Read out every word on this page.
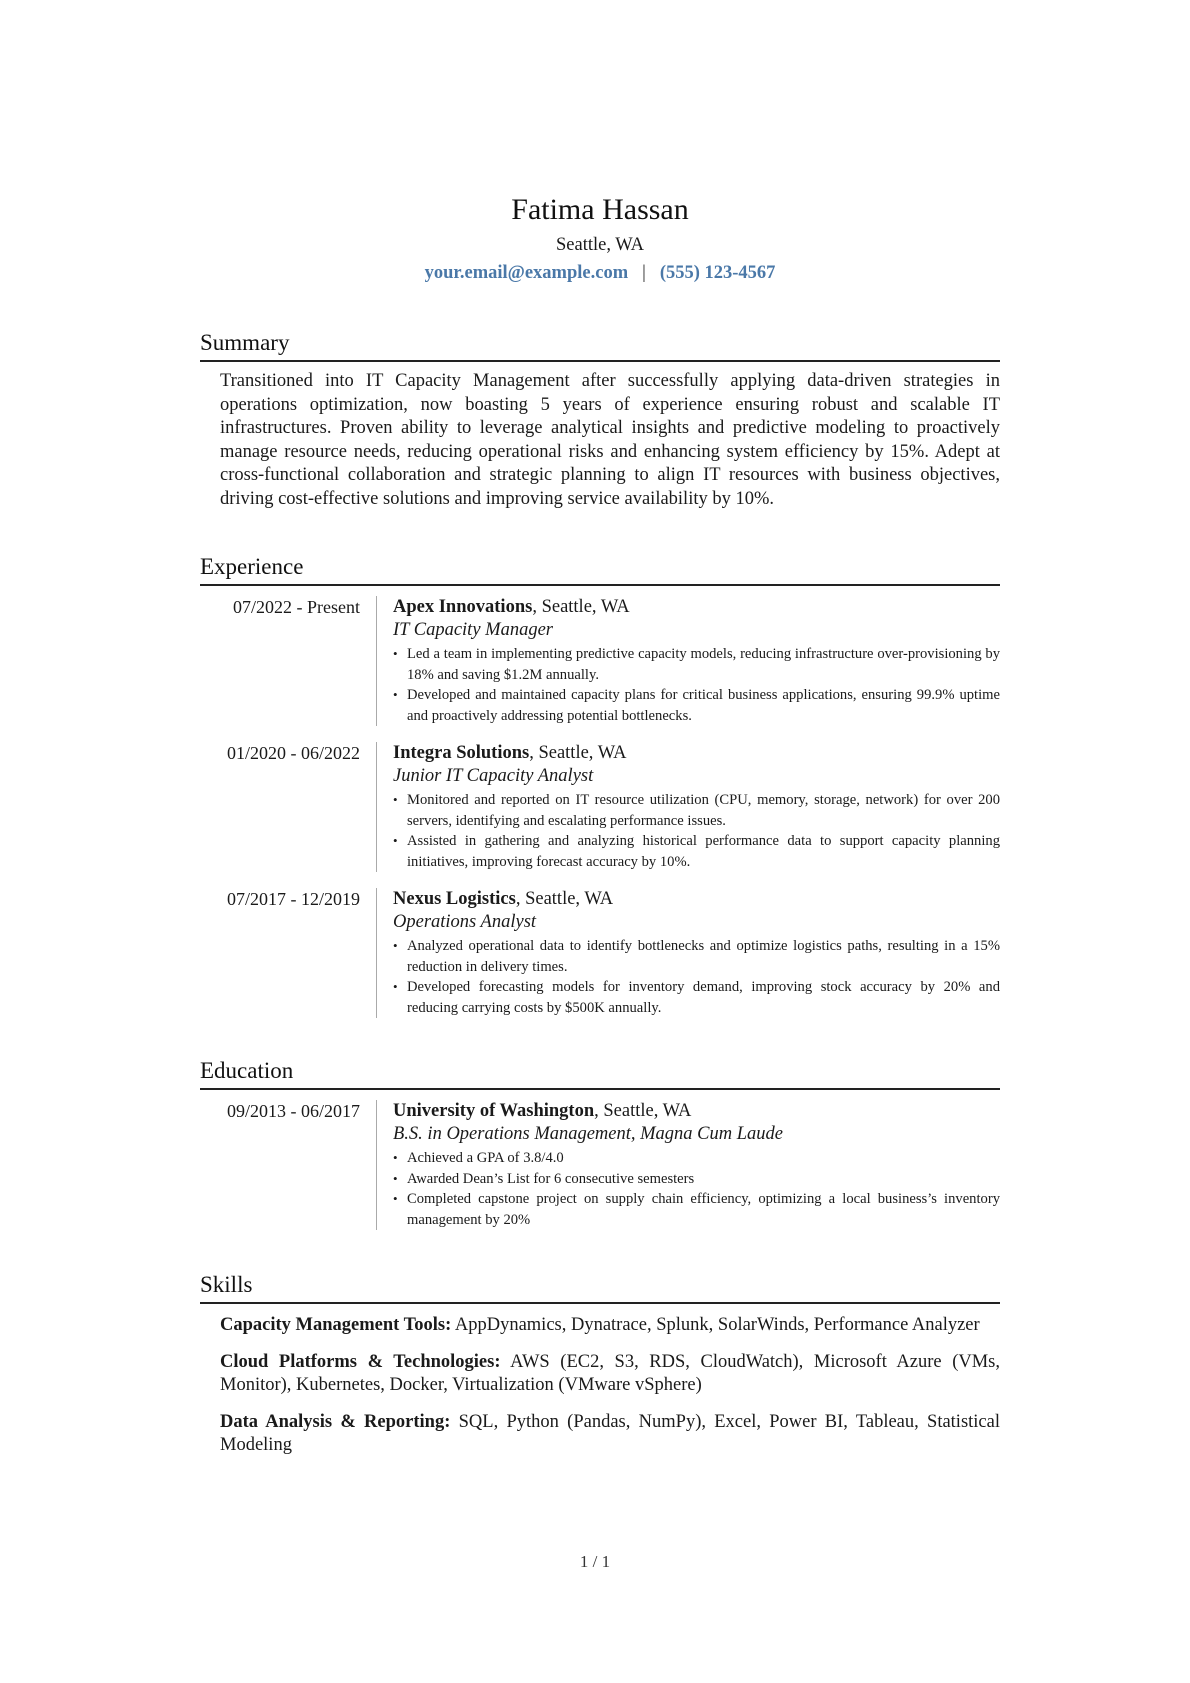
Fatima Hassan
Seattle, WA
your.email@example.com | (555) 123-4567
Summary
Transitioned into IT Capacity Management after successfully applying data-driven strategies in operations optimization, now boasting 5 years of experience ensuring robust and scalable IT infrastructures. Proven ability to leverage analytical insights and predictive modeling to proactively manage resource needs, reducing operational risks and enhancing system efficiency by 15%. Adept at cross-functional collaboration and strategic planning to align IT resources with business objectives, driving cost-effective solutions and improving service availability by 10%.
Experience
07/2022 - Present	Apex Innovations, Seattle, WA
IT Capacity Manager
• Led a team in implementing predictive capacity models, reducing infrastructure over-provisioning by 18% and saving $1.2M annually.
• Developed and maintained capacity plans for critical business applications, ensuring 99.9% uptime and proactively addressing potential bottlenecks.
01/2020 - 06/2022	Integra Solutions, Seattle, WA
Junior IT Capacity Analyst
• Monitored and reported on IT resource utilization (CPU, memory, storage, network) for over 200 servers, identifying and escalating performance issues.
• Assisted in gathering and analyzing historical performance data to support capacity planning initiatives, improving forecast accuracy by 10%.
07/2017 - 12/2019	Nexus Logistics, Seattle, WA
Operations Analyst
• Analyzed operational data to identify bottlenecks and optimize logistics paths, resulting in a 15% reduction in delivery times.
• Developed forecasting models for inventory demand, improving stock accuracy by 20% and reducing carrying costs by $500K annually.
Education
09/2013 - 06/2017	University of Washington, Seattle, WA
B.S. in Operations Management, Magna Cum Laude
• Achieved a GPA of 3.8/4.0
• Awarded Dean’s List for 6 consecutive semesters
• Completed capstone project on supply chain efficiency, optimizing a local business’s inventory management by 20%
Skills
Capacity Management Tools: AppDynamics, Dynatrace, Splunk, SolarWinds, Performance Analyzer
Cloud Platforms & Technologies: AWS (EC2, S3, RDS, CloudWatch), Microsoft Azure (VMs, Monitor), Kubernetes, Docker, Virtualization (VMware vSphere)
Data Analysis & Reporting: SQL, Python (Pandas, NumPy), Excel, Power BI, Tableau, Statistical Modeling
1 / 1
